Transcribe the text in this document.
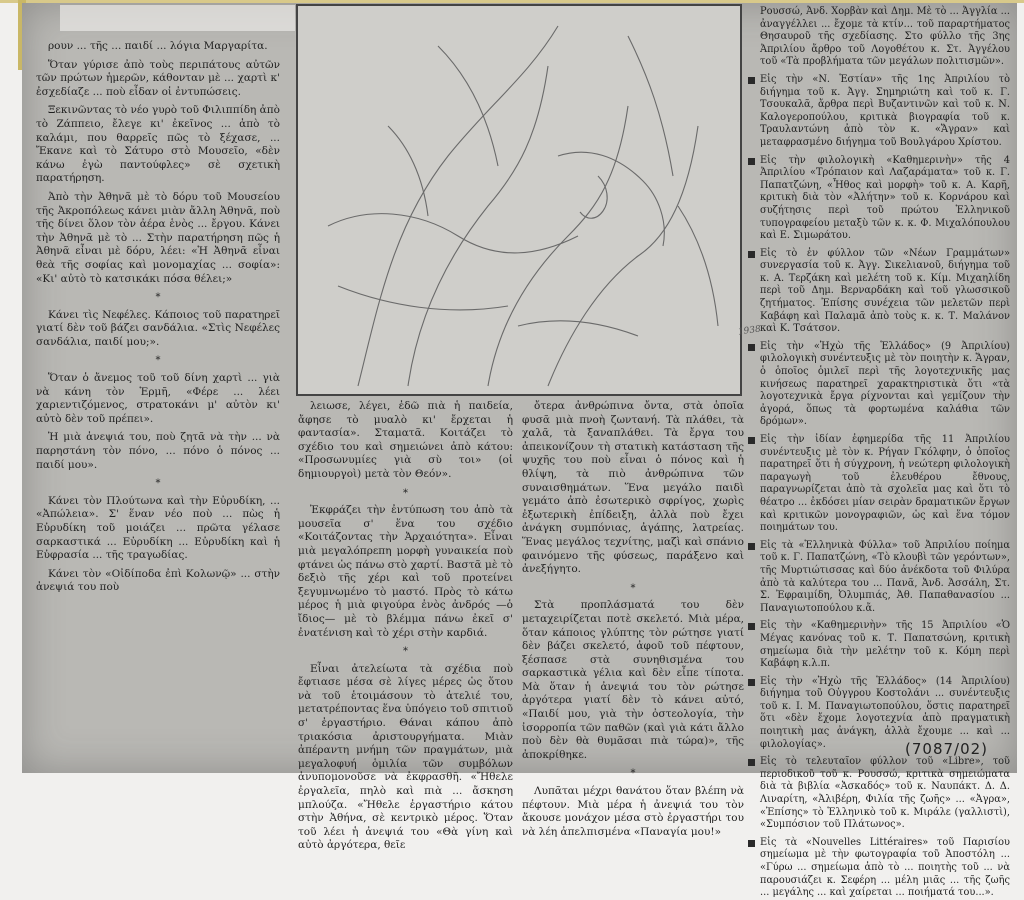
ρουν ... τῆς ... παιδί ... λόγια Μαργαρίτα.

Ὅταν γύρισε ἀπὸ τοὺς περιπάτους αὐτῶν τῶν πρώτων ἡμερῶν, κάθονταν μὲ ... χαρτὶ κ' ἐσχεδίαζε ... ποὺ εἶδαν οἱ ἐντυπώσεις.

Ξεκινῶντας τὸ νέο γυρὸ τοῦ Φιλιππίδη ἀπὸ τὸ Ζάππειο, ἔλεγε κι' ἐκεῖνος ... ἀπὸ τὸ καλάμι, που θαρρεῖς πῶς τὸ ξέχασε, ... Ἔκανε καὶ τὸ Σάτυρο στὸ Μουσεῖο, «δὲν κάνω ἐγὼ παντούφλες» σὲ σχετικὴ παρατήρηση.

Ἀπὸ τὴν Ἀθηνᾶ μὲ τὸ δόρυ τοῦ Μουσείου τῆς Ἀκροπόλεως κάνει μιὰν ἄλλη Ἀθηνᾶ, ποὺ τῆς δίνει ὅλον τὸν ἀέρα ἑνὸς ... ἔργου. Κάνει τὴν Ἀθηνᾶ μὲ τὸ ... Στὴν παρατήρηση πῶς ἡ Ἀθηνᾶ εἶναι μὲ δόρυ, λέει: «Ἡ Ἀθηνᾶ εἶναι θεὰ τῆς σοφίας καὶ μονομαχίας ... σοφία»: «Κι' αὐτὸ τὸ κατσικάκι πόσα θέλει;»

*

Κάνει τὶς Νεφέλες. Κάποιος τοῦ παρατηρεῖ γιατί δὲν τοῦ βάζει σανδάλια. «Στὶς Νεφέλες σανδάλια, παιδί μου;».

*

Ὅταν ὁ ἄνεμος τοῦ τοῦ δίνη χαρτὶ ... γιὰ νὰ κάνη τὸν Ἑρμῆ, «Φέρε ... λέει χαριεντιζόμενος, στρατοκάνι μ' αὐτὸν κι' αὐτὸ δὲν τοῦ πρέπει».

Ἡ μιὰ ἀνεψιά του, ποὺ ζητᾶ νὰ τὴν ... νὰ παρηστάνη τὸν πόνο, ... πόνο ὁ πόνος ... παιδί μου».

*

Κάνει τὸν Πλούτωνα καὶ τὴν Εὐρυδίκη, ... «Ἀπώλεια». Σ' ἕναν νέο ποὺ ... πὼς ἡ Εὐρυδίκη τοῦ μοιάζει ... πρῶτα γέλασε σαρκαστικά ... Εὐρυδίκη ... Εὐρυδίκη καὶ ἡ Εὐφρασία ... τῆς τραγωδίας.

Κάνει τὸν «Οἰδίποδα ἐπὶ Κολωνῷ» ... στὴν ἀνεψιά του ποὺ

1938

λειωσε, λέγει, ἐδῶ πιὰ ἡ παιδεία, ἄφησε τὸ μυαλὸ κι' ἔρχεται ἡ φαντασία». Σταματᾶ. Κοιτάζει τὸ σχέδιο του καὶ σημειώνει ἀπὸ κάτου: «Προσωνυμίες γιὰ σὺ τοι» (οἱ δημιουργοὶ) μετὰ τὸν Θεόν».

*

Ἐκφράζει τὴν ἐντύπωση του ἀπὸ τὰ μουσεῖα σ' ἕνα του σχέδιο «Κοιτάζοντας τὴν Ἀρχαιότητα». Εἶναι μιὰ μεγαλόπρεπη μορφὴ γυναικεία ποὺ φτάνει ὡς πάνω στὸ χαρτί. Βαστᾶ μὲ τὸ δεξιὸ τῆς χέρι καὶ τοῦ προτείνει ξεγυμνωμένο τὸ μαστό. Πρὸς τὸ κάτω μέρος ἡ μιὰ φιγούρα ἐνὸς ἀνδρός —ὁ ἴδιος— μὲ τὸ βλέμμα πάνω ἐκεῖ σ' ἐνατένιση καὶ τὸ χέρι στὴν καρδιά.

*

Εἶναι ἀτελείωτα τὰ σχέδια ποὺ ἔφτιασε μέσα σὲ λίγες μέρες ὡς ὅτου νὰ τοῦ ἑτοιμάσουν τὸ ἀτελιέ του, μετατρέποντας ἕνα ὑπόγειο τοῦ σπιτιοῦ σ' ἐργαστήριο. Θάναι κάπου ἀπὸ τριακόσια ἀριστουργήματα. Μιὰν ἀπέραντη μνήμη τῶν πραγμάτων, μιὰ μεγαλοφυή ὁμιλία τῶν συμβόλων ἀνυπομονοῦσε νὰ ἐκφρασθῆ. «Ἤθελε ἐργαλεῖα, πηλὸ καὶ πιὰ ... ἄσκηση μπλούζα. «Ἤθελε ἐργαστήριο κάτου στὴν Ἀθήνα, σὲ κεντρικὸ μέρος. Ὅταν τοῦ λέει ἡ ἀνεψιά του «Θὰ γίνη καὶ αὐτὸ ἀργότερα, θεῖε

ὄτερα ἀνθρώπινα ὄντα, στὰ ὁποῖα φυσᾶ μιὰ πνοὴ ζωντανή. Τὰ πλάθει, τὰ χαλᾶ, τὰ ξαναπλάθει. Τὰ ἔργα του ἀπεικονίζουν τὴ στατικὴ κατάσταση τῆς ψυχῆς του ποὺ εἶναι ὁ πόνος καὶ ἡ θλίψη, τὰ πιὸ ἀνθρώπινα τῶν συναισθημάτων. Ἕνα μεγάλο παιδὶ γεμάτο ἀπὸ ἐσωτερικὸ σφρίγος, χωρὶς ἐξωτερικὴ ἐπίδειξη, ἀλλὰ ποὺ ἔχει ἀνάγκη συμπόνιας, ἀγάπης, λατρείας. Ἕνας μεγάλος τεχνίτης, μαζὶ καὶ σπάνιο φαινόμενο τῆς φύσεως, παράξενο καὶ ἀνεξήγητο.

*

Στὰ προπλάσματά του δὲν μεταχειρίζεται ποτὲ σκελετό. Μιὰ μέρα, ὅταν κάποιος γλύπτης τὸν ρώτησε γιατί δὲν βάζει σκελετό, ἀφοῦ τοῦ πέφτουν, ξέσπασε στὰ συνηθισμένα του σαρκαστικὰ γέλια καὶ δὲν εἶπε τίποτα. Μὰ ὅταν ἡ ἀνεψιά του τὸν ρώτησε ἀργότερα γιατί δὲν τὸ κάνει αὐτό, «Παιδί μου, γιὰ τὴν ὀστεολογία, τὴν ἰσορροπία τῶν παθῶν (καὶ γιὰ κάτι ἄλλο ποὺ δὲν θὰ θυμᾶσαι πιὰ τώρα)», τῆς ἀποκρίθηκε.

*

Λυπᾶται μέχρι θανάτου ὅταν βλέπη νὰ πέφτουν. Μιὰ μέρα ἡ ἀνεψιά του τὸν ἄκουσε μονάχον μέσα στὸ ἐργαστήρι του νὰ λέη ἀπελπισμένα «Παναγία μου!»

Ρουσσώ, Ἀνδ. Χορβὰν καὶ Δημ. Μὲ τὸ ... Ἀγγλία ... ἀναγγέλλει ... ἔχομε τὰ κτίν... τοῦ παραρτήματος Θησαυροῦ τῆς σχεδίασης. Στο φύλλο τῆς 3ης Ἀπριλίου ἄρθρο τοῦ Λογοθέτου κ. Στ. Ἀγγέλου τοῦ «Τὰ προβλήματα τῶν μεγάλων πολιτισμῶν».

Εἰς τὴν «Ν. Ἑστίαν» τῆς 1ης Ἀπριλίου τὸ διήγημα τοῦ κ. Ἀγγ. Σημηριώτη καὶ τοῦ κ. Γ. Τσουκαλᾶ, ἄρθρα περὶ Βυζαντινῶν καὶ τοῦ κ. Ν. Καλογεροπούλου, κριτικὰ βιογραφία τοῦ κ. Τραυλαντώνη ἀπὸ τὸν κ. «Ἄγραν» καὶ μεταφρασμένο διήγημα τοῦ Βουλγάρου Χρίστου.

Εἰς τὴν φιλολογικὴ «Καθημερινὴν» τῆς 4 Ἀπριλίου «Τρόπαιον καὶ Λαζαράματα» τοῦ κ. Γ. Παπατζώνη, «Ἦθος καὶ μορφὴ» τοῦ κ. Α. Καρῆ, κριτικὴ διὰ τὸν «Ἀλήτην» τοῦ κ. Κορνάρου καὶ συζήτησις περὶ τοῦ πρώτου Ἑλληνικοῦ τυπογραφείου μεταξὺ τῶν κ. κ. Φ. Μιχαλόπουλου καὶ Ε. Σιμωράτου.

Εἰς τὸ ἐν φύλλον τῶν «Νέων Γραμμάτων» συνεργασία τοῦ κ. Ἀγγ. Σικελιανοῦ, διήγημα τοῦ κ. Α. Τερζάκη καὶ μελέτη τοῦ κ. Κίμ. Μιχαηλίδη περὶ τοῦ Δημ. Βερναρδάκη καὶ τοῦ γλωσσικοῦ ζητήματος. Ἐπίσης συνέχεια τῶν μελετῶν περὶ Καβάφη καὶ Παλαμᾶ ἀπὸ τοὺς κ. κ. Τ. Μαλάνον καὶ Κ. Τσάτσον.

Εἰς τὴν «Ἠχὼ τῆς Ἑλλάδος» (9 Ἀπριλίου) φιλολογικὴ συνέντευξις μὲ τὸν ποιητὴν κ. Ἄγραν, ὁ ὁποῖος ὁμιλεῖ περὶ τῆς λογοτεχνικῆς μας κινήσεως παρατηρεῖ χαρακτηριστικὰ ὅτι «τὰ λογοτεχνικὰ ἔργα ρίχνονται καὶ γεμίζουν τὴν ἀγορά, ὅπως τὰ φορτωμένα καλάθια τῶν δρόμων».

Εἰς τὴν ἰδίαν ἐφημερίδα τῆς 11 Ἀπριλίου συνέντευξις μὲ τὸν κ. Ρήγαν Γκόλφην, ὁ ὁποῖος παρατηρεῖ ὅτι ἡ σύγχρονη, ἡ νεώτερη φιλολογικὴ παραγωγὴ τοῦ ἐλευθέρου ἔθνους, παραγνωρίζεται ἀπὸ τὰ σχολεῖα μας καὶ ὅτι τὸ θέατρο ... ἐκδόσει μίαν σειρὰν δραματικῶν ἔργων καὶ κριτικῶν μονογραφιῶν, ὡς καὶ ἕνα τόμον ποιημάτων του.

Εἰς τὰ «Ἑλληνικὰ Φύλλα» τοῦ Ἀπριλίου ποίημα τοῦ κ. Γ. Παπατζώνη, «Τὸ κλουβὶ τῶν γερόντων», τῆς Μυρτιώτισσας καὶ δύο ἀνέκδοτα τοῦ Φιλύρα ἀπὸ τὰ καλύτερα του ... Πανᾶ, Ἀνδ. Ἀσσάλη, Στ. Σ. Ἐφραιμίδη, Ὀλυμπιάς, Ἀθ. Παπαθανασίου ... Παναγιωτοπούλου κ.ἄ.

Εἰς τὴν «Καθημερινὴν» τῆς 15 Ἀπριλίου «Ὁ Μέγας κανόνας τοῦ κ. Τ. Παπατσώνη, κριτικὴ σημείωμα διὰ τὴν μελέτην τοῦ κ. Κόμη περὶ Καβάφη κ.λ.π.

Εἰς τὴν «Ἠχὼ τῆς Ἑλλάδος» (14 Ἀπριλίου) διήγημα τοῦ Οὐγγρου Κοστολάνι ... συνέντευξις τοῦ κ. Ι. Μ. Παναγιωτοπούλου, ὅστις παρατηρεῖ ὅτι «δὲν ἔχομε λογοτεχνία ἀπὸ πραγματικὴ ποιητικὴ μας ἀνάγκη, ἀλλὰ ἔχουμε ... καὶ ... φιλολογίας».

Εἰς τὸ τελευταῖον φύλλον τοῦ «Libre», τοῦ περιοδικοῦ τοῦ κ. Ρουσσώ, κριτικὰ σημειώματα διὰ τὰ βιβλία «Ἀσκαδός» τοῦ κ. Ναυπάκτ. Δ. Δ. Λιναρίτη, «Ἀλιβέρη, Φιλία τῆς ζωῆς» ... «Ἀγρα», «Ἐπίσης» τὸ Ἑλληνικὸ τοῦ κ. Μιράλε (γαλλιστὶ), «Συμπόσιον τοῦ Πλάτωνος».

Εἰς τὰ «Nouvelles Littéraires» τοῦ Παρισίου σημείωμα μὲ τὴν φωτογραφία τοῦ Ἀποστόλη ... «Γύρω ... σημείωμα ἀπὸ τὸ ... ποιητὴς τοῦ ... νὰ παρουσιάζει κ. Σεφέρη ... μέλη μιᾶς ... τῆς ζωῆς ... μεγάλης ... καὶ χαίρεται ... ποιήματά του...».

(7087/02)
